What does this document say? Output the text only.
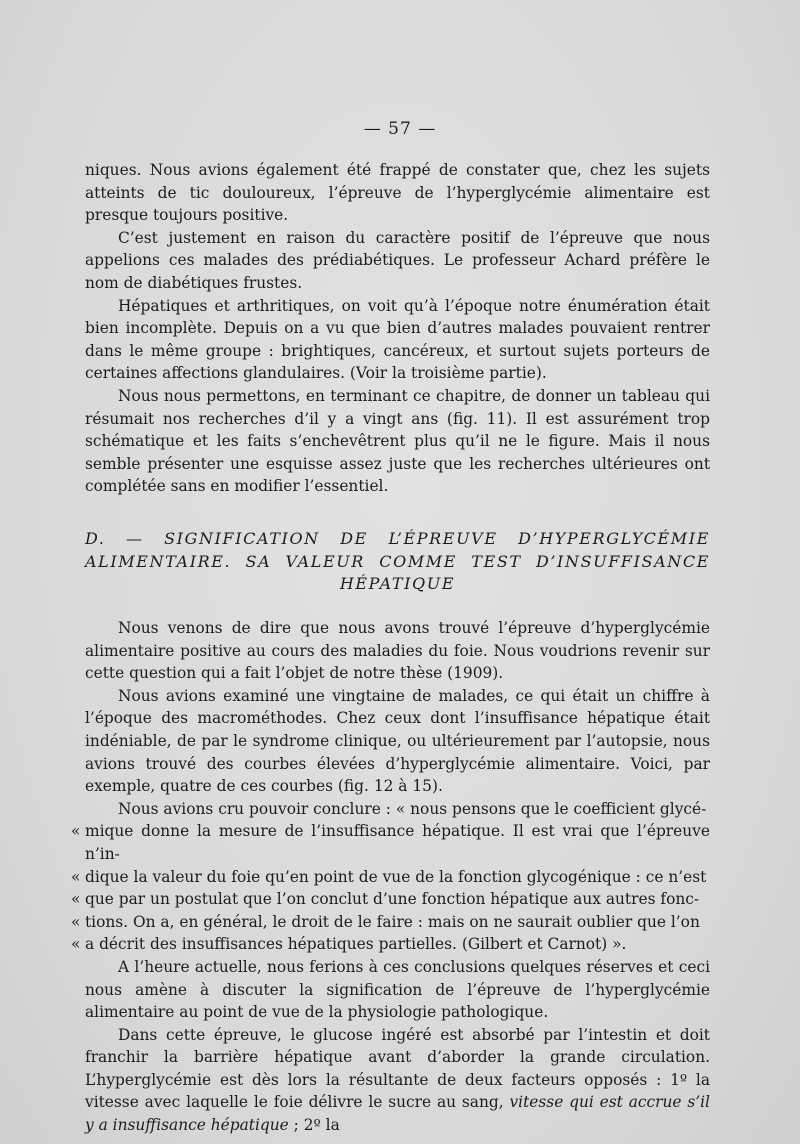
— 57 —

niques. Nous avions également été frappé de constater que, chez les sujets atteints de tic douloureux, l’épreuve de l’hyperglycémie alimentaire est presque toujours positive.

C’est justement en raison du caractère positif de l’épreuve que nous appelions ces malades des prédiabétiques. Le professeur Achard préfère le nom de diabétiques frustes.

Hépatiques et arthritiques, on voit qu’à l’époque notre énumération était bien incomplète. Depuis on a vu que bien d’autres malades pouvaient rentrer dans le même groupe : brightiques, cancéreux, et surtout sujets porteurs de certaines affections glandulaires. (Voir la troisième partie).

Nous nous permettons, en terminant ce chapitre, de donner un tableau qui résumait nos recherches d’il y a vingt ans (fig. 11). Il est assurément trop schématique et les faits s’enchevêtrent plus qu’il ne le figure. Mais il nous semble présenter une esquisse assez juste que les recherches ultérieures ont complétée sans en modifier l’essentiel.

D. — SIGNIFICATION DE L’ÉPREUVE D’HYPERGLYCÉMIE
ALIMENTAIRE. SA VALEUR COMME TEST D’INSUFFISANCE
HÉPATIQUE

Nous venons de dire que nous avons trouvé l’épreuve d’hyperglycémie alimentaire positive au cours des maladies du foie. Nous voudrions revenir sur cette question qui a fait l’objet de notre thèse (1909).

Nous avions examiné une vingtaine de malades, ce qui était un chiffre à l’époque des macrométhodes. Chez ceux dont l’insuffisance hépatique était indéniable, de par le syndrome clinique, ou ultérieurement par l’autopsie, nous avions trouvé des courbes élevées d’hyperglycémie alimentaire. Voici, par exemple, quatre de ces courbes (fig. 12 à 15).

Nous avions cru pouvoir conclure : « nous pensons que le coefficient glycé-

« mique donne la mesure de l’insuffisance hépatique. Il est vrai que l’épreuve n’in-

« dique la valeur du foie qu’en point de vue de la fonction glycogénique : ce n’est

« que par un postulat que l’on conclut d’une fonction hépatique aux autres fonc-

« tions. On a, en général, le droit de le faire : mais on ne saurait oublier que l’on

« a décrit des insuffisances hépatiques partielles. (Gilbert et Carnot) ».

A l’heure actuelle, nous ferions à ces conclusions quelques réserves et ceci nous amène à discuter la signification de l’épreuve de l’hyperglycémie alimentaire au point de vue de la physiologie pathologique.

Dans cette épreuve, le glucose ingéré est absorbé par l’intestin et doit franchir la barrière hépatique avant d’aborder la grande circulation. L’hyperglycémie est dès lors la résultante de deux facteurs opposés : 1º la vitesse avec laquelle le foie délivre le sucre au sang, vitesse qui est accrue s’il y a insuffisance hépatique ; 2º la
